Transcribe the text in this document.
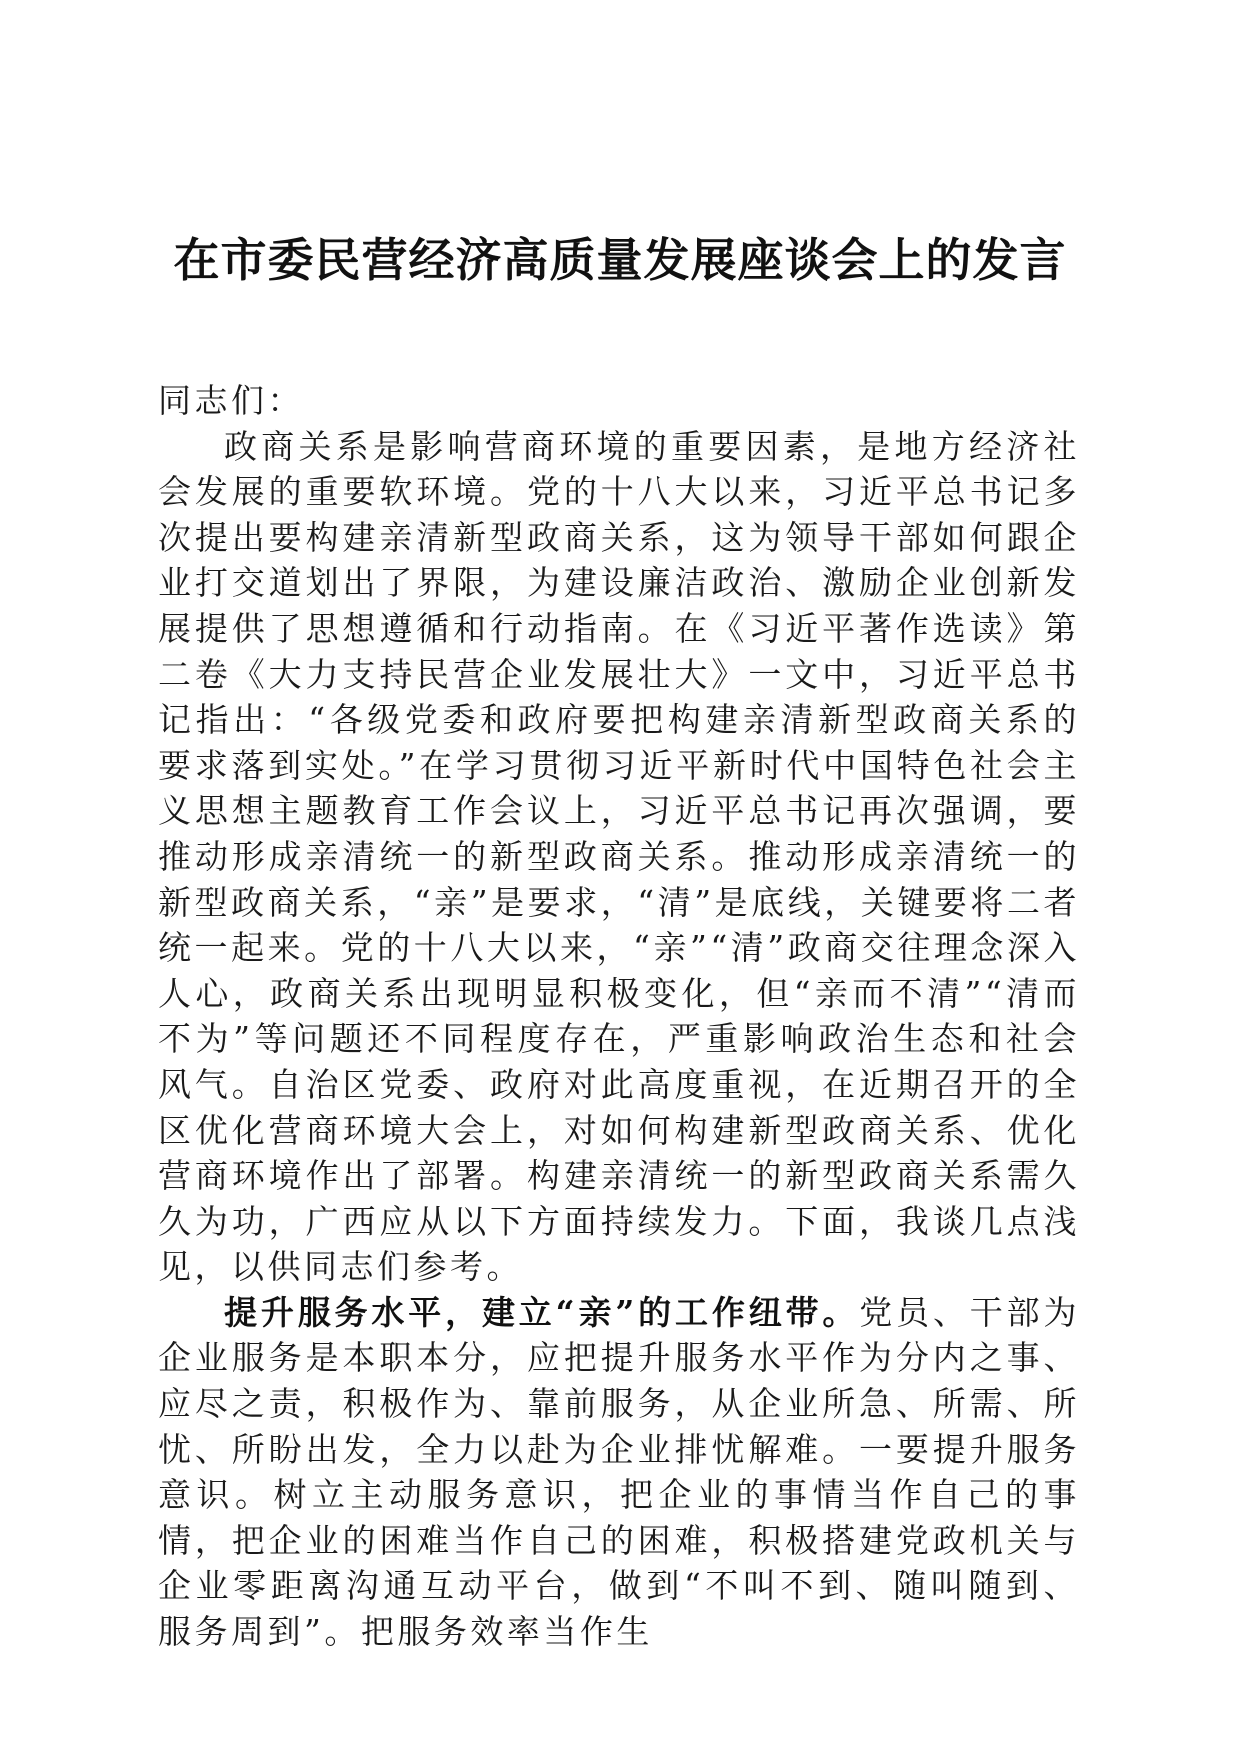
在市委民营经济高质量发展座谈会上的发言

同志们：

政商关系是影响营商环境的重要因素，是地方经济社会发展的重要软环境。党的十八大以来，习近平总书记多次提出要构建亲清新型政商关系，这为领导干部如何跟企业打交道划出了界限，为建设廉洁政治、激励企业创新发展提供了思想遵循和行动指南。在《习近平著作选读》第二卷《大力支持民营企业发展壮大》一文中，习近平总书记指出：“各级党委和政府要把构建亲清新型政商关系的要求落到实处。”在学习贯彻习近平新时代中国特色社会主义思想主题教育工作会议上，习近平总书记再次强调，要推动形成亲清统一的新型政商关系。推动形成亲清统一的新型政商关系，“亲”是要求，“清”是底线，关键要将二者统一起来。党的十八大以来，“亲”“清”政商交往理念深入人心，政商关系出现明显积极变化，但“亲而不清”“清而不为”等问题还不同程度存在，严重影响政治生态和社会风气。自治区党委、政府对此高度重视，在近期召开的全区优化营商环境大会上，对如何构建新型政商关系、优化营商环境作出了部署。构建亲清统一的新型政商关系需久久为功，广西应从以下方面持续发力。下面，我谈几点浅见，以供同志们参考。

提升服务水平，建立“亲”的工作纽带。党员、干部为企业服务是本职本分，应把提升服务水平作为分内之事、应尽之责，积极作为、靠前服务，从企业所急、所需、所忧、所盼出发，全力以赴为企业排忧解难。一要提升服务意识。树立主动服务意识，把企业的事情当作自己的事情，把企业的困难当作自己的困难，积极搭建党政机关与企业零距离沟通互动平台，做到“不叫不到、随叫随到、服务周到”。把服务效率当作生
